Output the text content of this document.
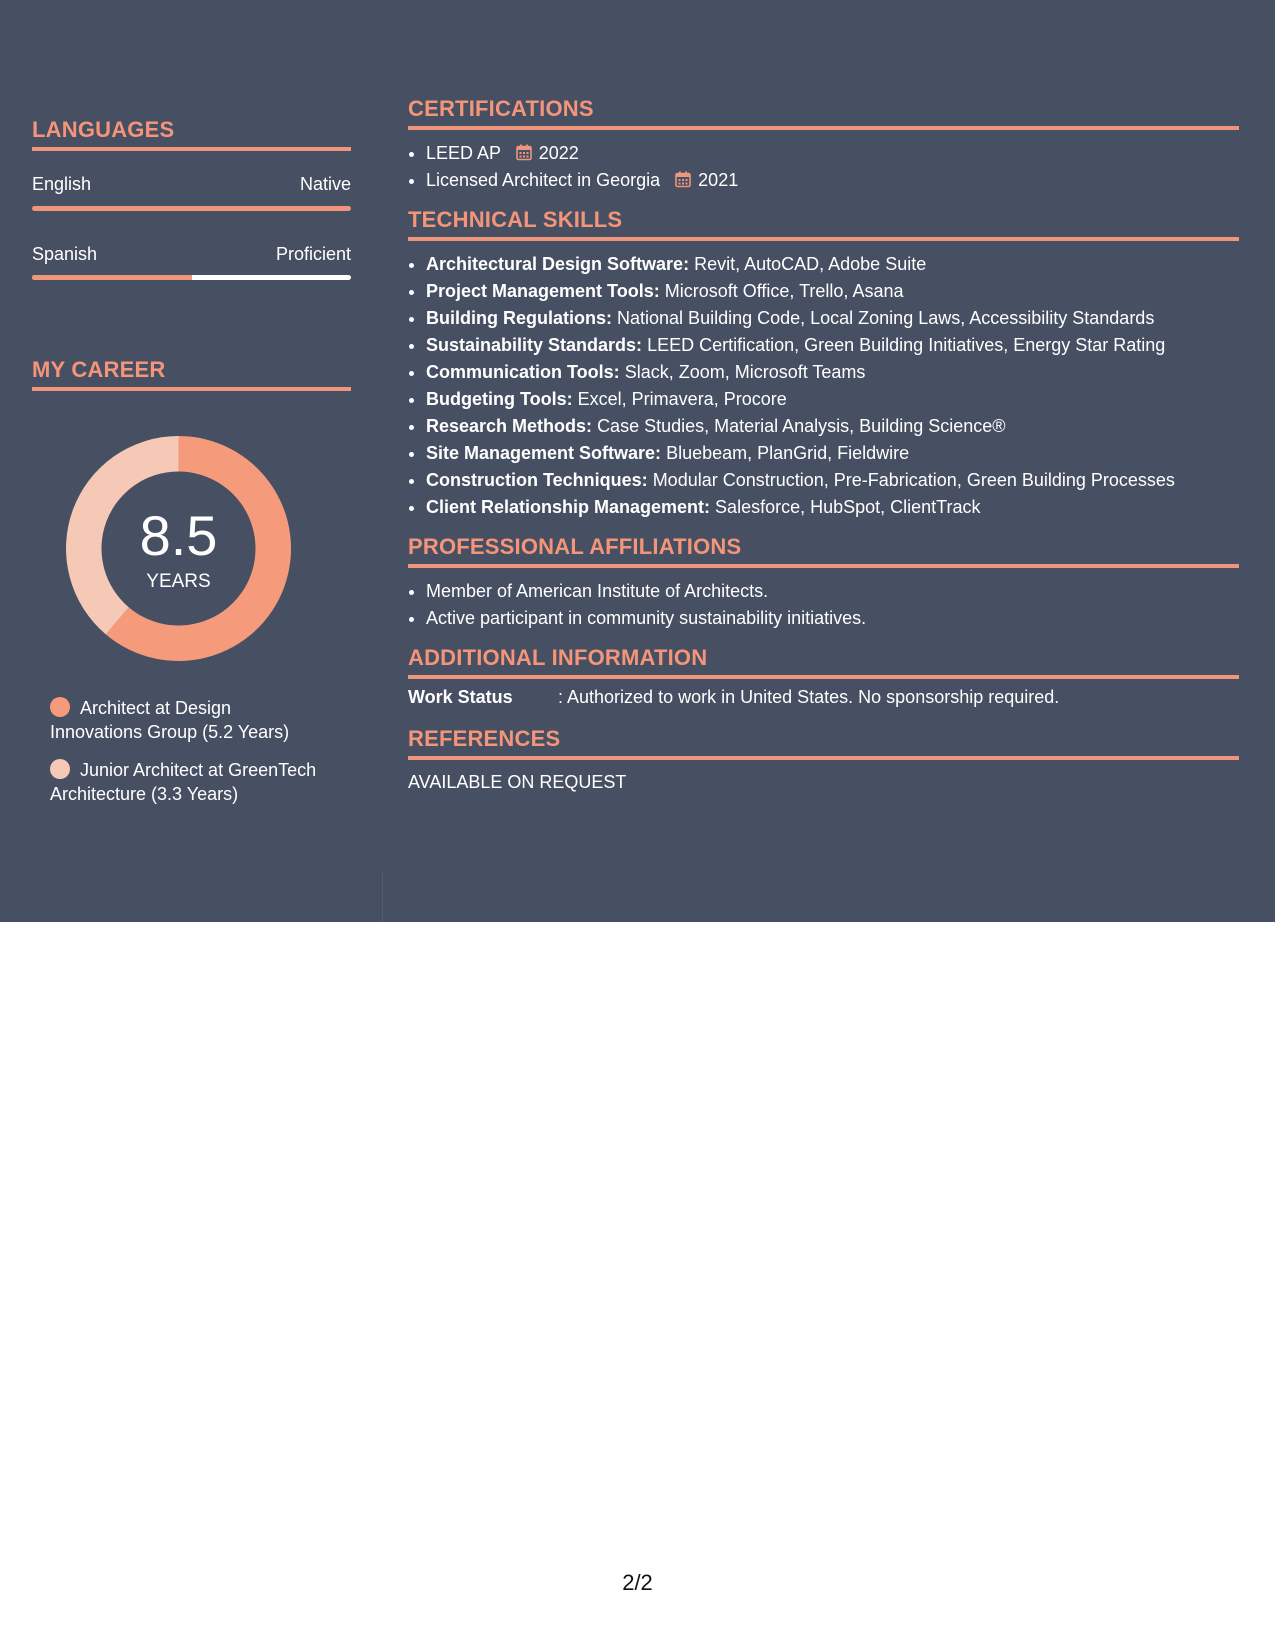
LANGUAGES
English	Native
Spanish	Proficient
MY CAREER
8.5
YEARS
Architect at Design Innovations Group (5.2 Years)
Junior Architect at GreenTech Architecture (3.3 Years)
CERTIFICATIONS
• LEED AP 2022
• Licensed Architect in Georgia 2021
TECHNICAL SKILLS
• Architectural Design Software: Revit, AutoCAD, Adobe Suite
• Project Management Tools: Microsoft Office, Trello, Asana
• Building Regulations: National Building Code, Local Zoning Laws, Accessibility Standards
• Sustainability Standards: LEED Certification, Green Building Initiatives, Energy Star Rating
• Communication Tools: Slack, Zoom, Microsoft Teams
• Budgeting Tools: Excel, Primavera, Procore
• Research Methods: Case Studies, Material Analysis, Building Science®
• Site Management Software: Bluebeam, PlanGrid, Fieldwire
• Construction Techniques: Modular Construction, Pre-Fabrication, Green Building Processes
• Client Relationship Management: Salesforce, HubSpot, ClientTrack
PROFESSIONAL AFFILIATIONS
• Member of American Institute of Architects.
• Active participant in community sustainability initiatives.
ADDITIONAL INFORMATION
Work Status	: Authorized to work in United States. No sponsorship required.
REFERENCES
AVAILABLE ON REQUEST
2/2
